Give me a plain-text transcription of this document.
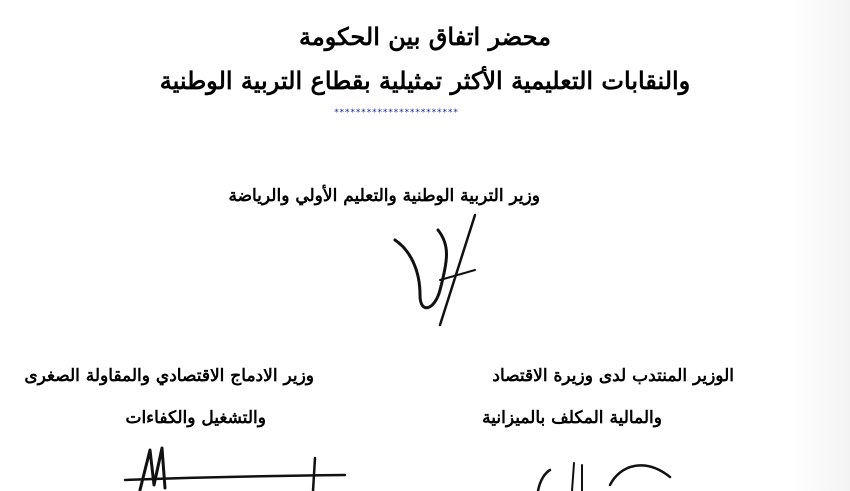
محضر اتفاق بين الحكومة
والنقابات التعليمية الأكثر تمثيلية بقطاع التربية الوطنية
***********************
وزير التربية الوطنية والتعليم الأولي والرياضة
وزير الادماج الاقتصادي والمقاولة الصغرى
والتشغيل والكفاءات
الوزير المنتدب لدى وزيرة الاقتصاد
والمالية المكلف بالميزانية
